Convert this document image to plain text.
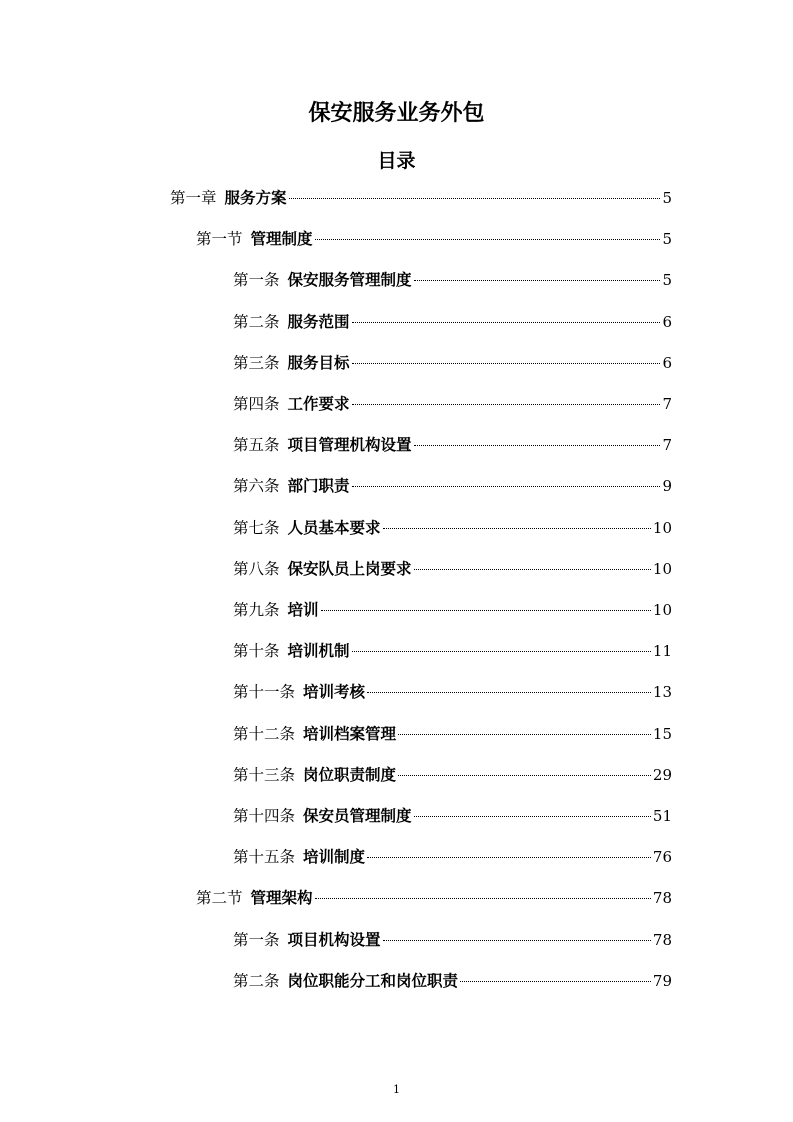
保安服务业务外包
目录
第一章 服务方案	5
第一节 管理制度	5
第一条 保安服务管理制度	5
第二条 服务范围	6
第三条 服务目标	6
第四条 工作要求	7
第五条 项目管理机构设置	7
第六条 部门职责	9
第七条 人员基本要求	10
第八条 保安队员上岗要求	10
第九条 培训	10
第十条 培训机制	11
第十一条 培训考核	13
第十二条 培训档案管理	15
第十三条 岗位职责制度	29
第十四条 保安员管理制度	51
第十五条 培训制度	76
第二节 管理架构	78
第一条 项目机构设置	78
第二条 岗位职能分工和岗位职责	79
1
